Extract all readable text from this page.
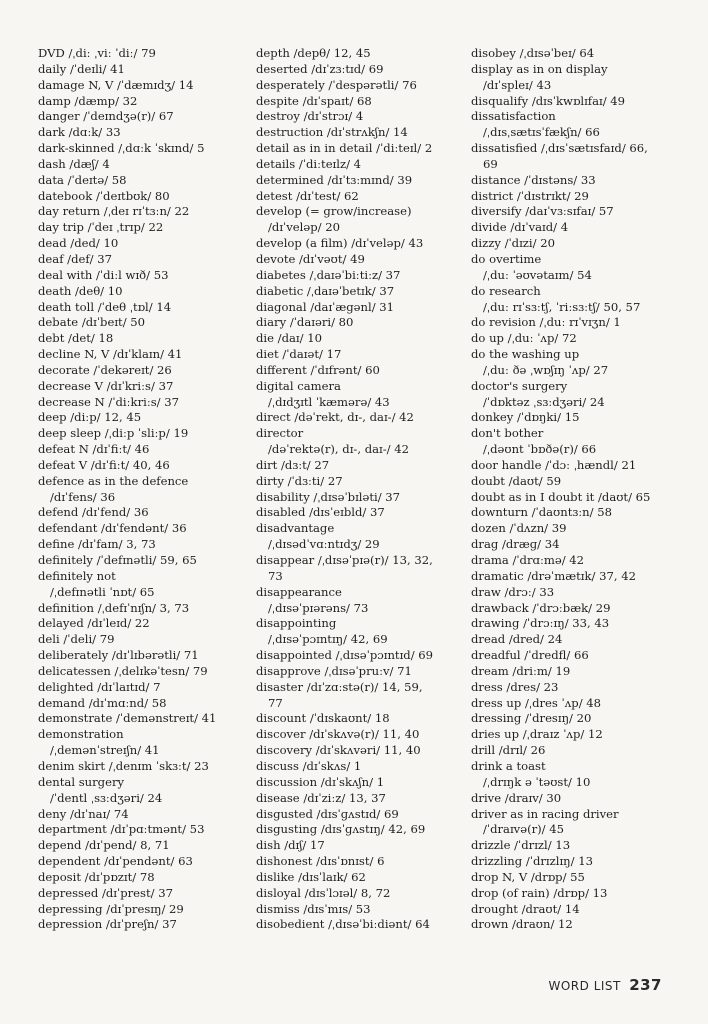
DVD /ˌdiː ˌviː ˈdiː/ 79
daily /ˈdeɪli/ 41
damage N, V /ˈdæmɪdʒ/ 14
damp /dæmp/ 32
danger /ˈdeɪndʒə(r)/ 67
dark /dɑːk/ 33
dark-skinned /ˌdɑːk ˈskɪnd/ 5
dash /dæʃ/ 4
data /ˈdeɪtə/ 58
datebook /ˈdeɪtbʊk/ 80
day return /ˌdeɪ rɪˈtɜːn/ 22
day trip /ˈdeɪ ˌtrɪp/ 22
dead /ded/ 10
deaf /def/ 37
deal with /ˈdiːl wɪð/ 53
death /deθ/ 10
death toll /ˈdeθ ˌtɒl/ 14
debate /dɪˈbeɪt/ 50
debt /det/ 18
decline N, V /dɪˈklaɪn/ 41
decorate /ˈdekəreɪt/ 26
decrease V /dɪˈkriːs/ 37
decrease N /ˈdiːkriːs/ 37
deep /diːp/ 12, 45
deep sleep /ˌdiːp ˈsliːp/ 19
defeat N /dɪˈfiːt/ 46
defeat V /dɪˈfiːt/ 40, 46
defence as in the defence
/dɪˈfens/ 36
defend /dɪˈfend/ 36
defendant /dɪˈfendənt/ 36
define /dɪˈfaɪn/ 3, 73
definitely /ˈdefɪnətli/ 59, 65
definitely not
/ˌdefɪnətli ˈnɒt/ 65
definition /ˌdefɪˈnɪʃn/ 3, 73
delayed /dɪˈleɪd/ 22
deli /ˈdeli/ 79
deliberately /dɪˈlɪbərətli/ 71
delicatessen /ˌdelɪkəˈtesn/ 79
delighted /dɪˈlaɪtɪd/ 7
demand /dɪˈmɑːnd/ 58
demonstrate /ˈdemənstreɪt/ 41
demonstration
/ˌdemənˈstreɪʃn/ 41
denim skirt /ˌdenɪm ˈskɜːt/ 23
dental surgery
/ˈdentl ˌsɜːdʒəri/ 24
deny /dɪˈnaɪ/ 74
department /dɪˈpɑːtmənt/ 53
depend /dɪˈpend/ 8, 71
dependent /dɪˈpendənt/ 63
deposit /dɪˈpɒzɪt/ 78
depressed /dɪˈprest/ 37
depressing /dɪˈpresɪŋ/ 29
depression /dɪˈpreʃn/ 37
depth /depθ/ 12, 45
deserted /dɪˈzɜːtɪd/ 69
desperately /ˈdespərətli/ 76
despite /dɪˈspaɪt/ 68
destroy /dɪˈstrɔɪ/ 4
destruction /dɪˈstrʌkʃn/ 14
detail as in in detail /ˈdiːteɪl/ 2
details /ˈdiːteɪlz/ 4
determined /dɪˈtɜːmɪnd/ 39
detest /dɪˈtest/ 62
develop (= grow/increase)
/dɪˈveləp/ 20
develop (a film) /dɪˈveləp/ 43
devote /dɪˈvəʊt/ 49
diabetes /ˌdaɪəˈbiːtiːz/ 37
diabetic /ˌdaɪəˈbetɪk/ 37
diagonal /daɪˈægənl/ 31
diary /ˈdaɪəri/ 80
die /daɪ/ 10
diet /ˈdaɪət/ 17
different /ˈdɪfrənt/ 60
digital camera
/ˌdɪdʒɪtl ˈkæmərə/ 43
direct /dəˈrekt, dɪ-, daɪ-/ 42
director
/dəˈrektə(r), dɪ-, daɪ-/ 42
dirt /dɜːt/ 27
dirty /ˈdɜːti/ 27
disability /ˌdɪsəˈbɪləti/ 37
disabled /dɪsˈeɪbld/ 37
disadvantage
/ˌdɪsədˈvɑːntɪdʒ/ 29
disappear /ˌdɪsəˈpɪə(r)/ 13, 32,
73
disappearance
/ˌdɪsəˈpɪərəns/ 73
disappointing
/ˌdɪsəˈpɔɪntɪŋ/ 42, 69
disappointed /ˌdɪsəˈpɔɪntɪd/ 69
disapprove /ˌdɪsəˈpruːv/ 71
disaster /dɪˈzɑːstə(r)/ 14, 59,
77
discount /ˈdɪskaʊnt/ 18
discover /dɪˈskʌvə(r)/ 11, 40
discovery /dɪˈskʌvəri/ 11, 40
discuss /dɪˈskʌs/ 1
discussion /dɪˈskʌʃn/ 1
disease /dɪˈziːz/ 13, 37
disgusted /dɪsˈɡʌstɪd/ 69
disgusting /dɪsˈɡʌstɪŋ/ 42, 69
dish /dɪʃ/ 17
dishonest /dɪsˈɒnɪst/ 6
dislike /dɪsˈlaɪk/ 62
disloyal /dɪsˈlɔɪəl/ 8, 72
dismiss /dɪsˈmɪs/ 53
disobedient /ˌdɪsəˈbiːdiənt/ 64
disobey /ˌdɪsəˈbeɪ/ 64
display as in on display
/dɪˈspleɪ/ 43
disqualify /dɪsˈkwɒlɪfaɪ/ 49
dissatisfaction
/ˌdɪsˌsætɪsˈfækʃn/ 66
dissatisfied /ˌdɪsˈsætɪsfaɪd/ 66,
69
distance /ˈdɪstəns/ 33
district /ˈdɪstrɪkt/ 29
diversify /daɪˈvɜːsɪfaɪ/ 57
divide /dɪˈvaɪd/ 4
dizzy /ˈdɪzi/ 20
do overtime
/ˌduː ˈəʊvətaɪm/ 54
do research
/ˌduː rɪˈsɜːtʃ, ˈriːsɜːtʃ/ 50, 57
do revision /ˌduː rɪˈvɪʒn/ 1
do up /ˌduː ˈʌp/ 72
do the washing up
/ˌduː ðə ˌwɒʃɪŋ ˈʌp/ 27
doctor's surgery
/ˈdɒktəz ˌsɜːdʒəri/ 24
donkey /ˈdɒŋki/ 15
don't bother
/ˌdəʊnt ˈbɒðə(r)/ 66
door handle /ˈdɔː ˌhændl/ 21
doubt /daʊt/ 59
doubt as in I doubt it /daʊt/ 65
downturn /ˈdaʊntɜːn/ 58
dozen /ˈdʌzn/ 39
drag /dræɡ/ 34
drama /ˈdrɑːmə/ 42
dramatic /drəˈmætɪk/ 37, 42
draw /drɔː/ 33
drawback /ˈdrɔːbæk/ 29
drawing /ˈdrɔːɪŋ/ 33, 43
dread /dred/ 24
dreadful /ˈdredfl/ 66
dream /driːm/ 19
dress /dres/ 23
dress up /ˌdres ˈʌp/ 48
dressing /ˈdresɪŋ/ 20
dries up /ˌdraɪz ˈʌp/ 12
drill /drɪl/ 26
drink a toast
/ˌdrɪŋk ə ˈtəʊst/ 10
drive /draɪv/ 30
driver as in racing driver
/ˈdraɪvə(r)/ 45
drizzle /ˈdrɪzl/ 13
drizzling /ˈdrɪzlɪŋ/ 13
drop N, V /drɒp/ 55
drop (of rain) /drɒp/ 13
drought /draʊt/ 14
drown /draʊn/ 12
WORD LIST 237
